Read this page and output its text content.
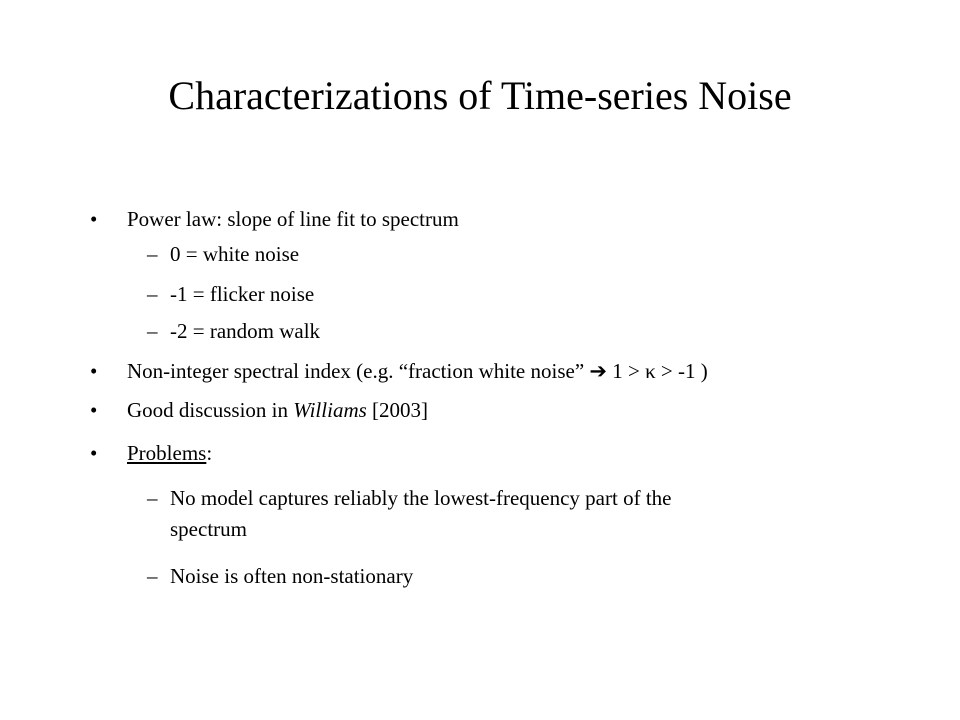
Characterizations of Time-series Noise
•	Power law: slope of line fit to spectrum
– 0 = white noise
– -1 = flicker noise
– -2 = random walk
•	Non-integer spectral index (e.g. “fraction white noise” ➔ 1 > κ > -1 )
•	Good discussion in Williams [2003]
•	Problems:
– No model captures reliably the lowest-frequency part of the
spectrum
– Noise is often non-stationary
